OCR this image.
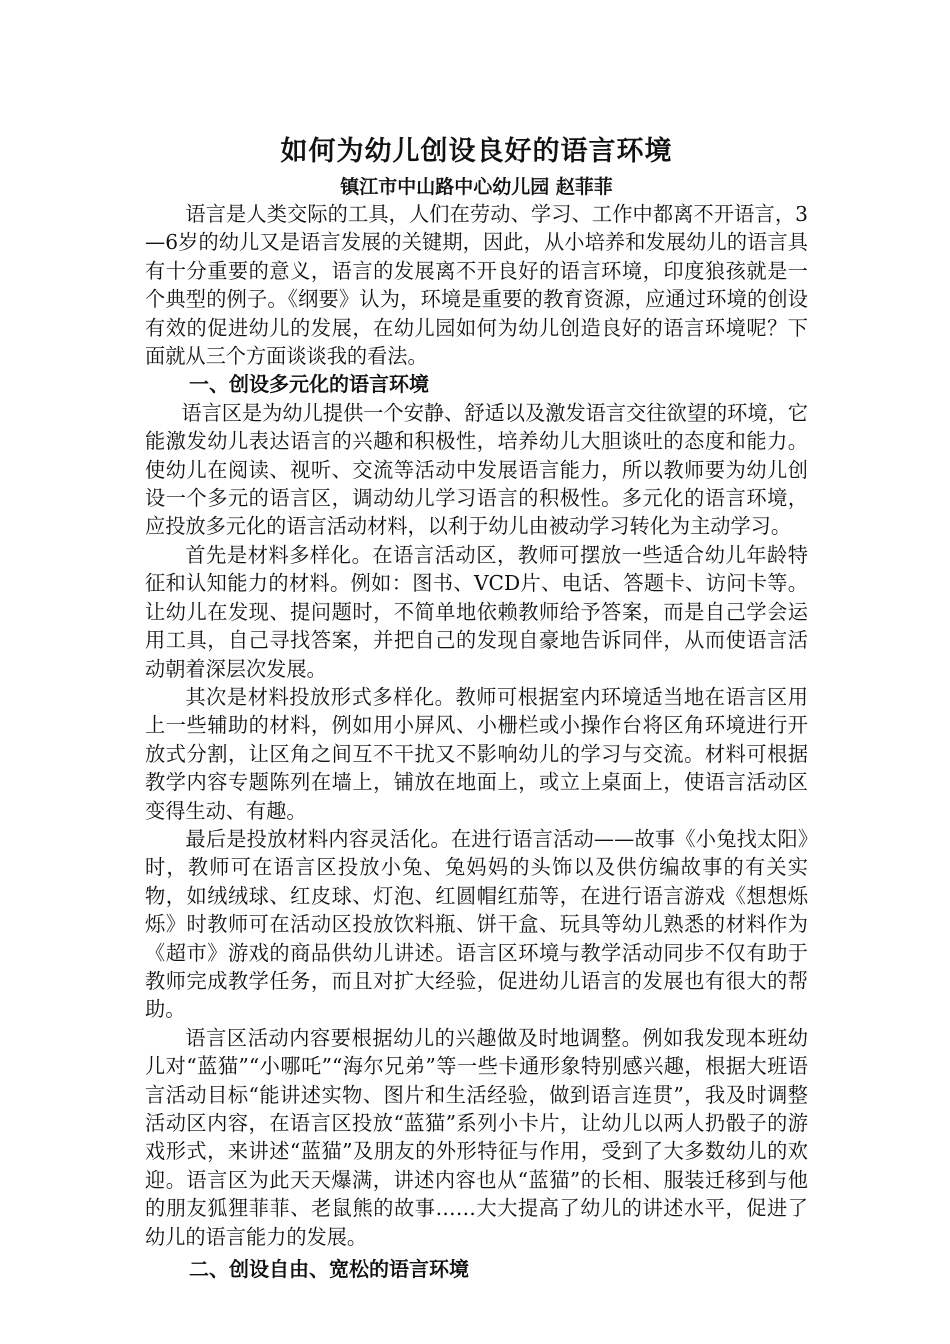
如何为幼儿创设良好的语言环境

镇江市中山路中心幼儿园 赵菲菲

语言是人类交际的工具，人们在劳动、学习、工作中都离不开语言，3—6岁的幼儿又是语言发展的关键期，因此，从小培养和发展幼儿的语言具有十分重要的意义，语言的发展离不开良好的语言环境，印度狼孩就是一个典型的例子。《纲要》认为，环境是重要的教育资源，应通过环境的创设有效的促进幼儿的发展，在幼儿园如何为幼儿创造良好的语言环境呢？下面就从三个方面谈谈我的看法。

一、创设多元化的语言环境

语言区是为幼儿提供一个安静、舒适以及激发语言交往欲望的环境，它能激发幼儿表达语言的兴趣和积极性，培养幼儿大胆谈吐的态度和能力。使幼儿在阅读、视听、交流等活动中发展语言能力，所以教师要为幼儿创设一个多元的语言区，调动幼儿学习语言的积极性。多元化的语言环境，应投放多元化的语言活动材料，以利于幼儿由被动学习转化为主动学习。

首先是材料多样化。在语言活动区，教师可摆放一些适合幼儿年龄特征和认知能力的材料。例如：图书、VCD片、电话、答题卡、访问卡等。让幼儿在发现、提问题时，不简单地依赖教师给予答案，而是自己学会运用工具，自己寻找答案，并把自己的发现自豪地告诉同伴，从而使语言活动朝着深层次发展。

其次是材料投放形式多样化。教师可根据室内环境适当地在语言区用上一些辅助的材料，例如用小屏风、小栅栏或小操作台将区角环境进行开放式分割，让区角之间互不干扰又不影响幼儿的学习与交流。材料可根据教学内容专题陈列在墙上，铺放在地面上，或立上桌面上，使语言活动区变得生动、有趣。

最后是投放材料内容灵活化。在进行语言活动——故事《小兔找太阳》时，教师可在语言区投放小兔、兔妈妈的头饰以及供仿编故事的有关实物，如绒绒球、红皮球、灯泡、红圆帽红茄等，在进行语言游戏《想想烁烁》时教师可在活动区投放饮料瓶、饼干盒、玩具等幼儿熟悉的材料作为《超市》游戏的商品供幼儿讲述。语言区环境与教学活动同步不仅有助于教师完成教学任务，而且对扩大经验，促进幼儿语言的发展也有很大的帮助。

语言区活动内容要根据幼儿的兴趣做及时地调整。例如我发现本班幼儿对“蓝猫”“小哪吒”“海尔兄弟”等一些卡通形象特别感兴趣，根据大班语言活动目标“能讲述实物、图片和生活经验，做到语言连贯”，我及时调整活动区内容，在语言区投放“蓝猫”系列小卡片，让幼儿以两人扔骰子的游戏形式，来讲述“蓝猫”及朋友的外形特征与作用，受到了大多数幼儿的欢迎。语言区为此天天爆满，讲述内容也从“蓝猫”的长相、服装迁移到与他的朋友狐狸菲菲、老鼠熊的故事……大大提高了幼儿的讲述水平，促进了幼儿的语言能力的发展。

二、创设自由、宽松的语言环境
